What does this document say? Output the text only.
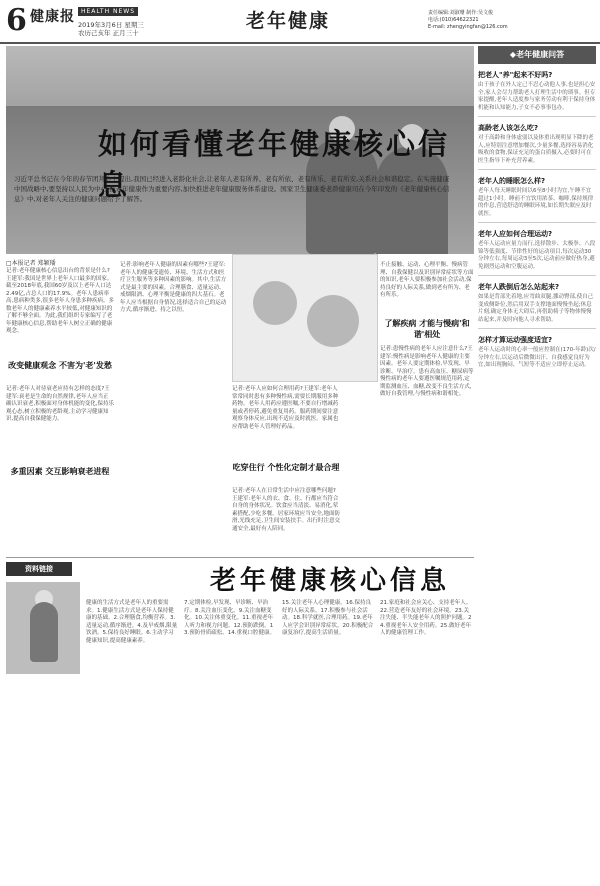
6 健康报	HEALTH NEWS
2019年3月6日 星期三
农历己亥年 正月三十
老年健康	责任编辑:刘淑珊 制作:吴文俊
电话:(010)64622321
E-mail: zhengyingfan@126.com
如何看懂老年健康核心信息
习近平总书记在今年的春节团拜会上提出,我国已经进入老龄化社会,让老年人老有所养、老有所依、老有所乐、老有所安,关系社会和谐稳定。在实施健康中国战略中,要坚持以人民为中心,把老年健康作为重要内容,加快推进老年健康服务体系建设。国家卫生健康委老龄健康司在今年印发的《老年健康核心信息》中,对老年人关注的健康问题给予了解答。
□本报记者 郑颖璠
记者:老年健康核心信息出台的背景是什么?王建军:我国是世界上老年人口最多的国家。截至2018年底,我国60岁及以上老年人口达2.49亿,占总人口的17.9%。老年人患病率高,患病种类多,很多老年人身患多种疾病。多数老年人的健康素养水平较低,对健康知识的了解不够全面。为此,我们组织专家编写了老年健康核心信息,帮助老年人树立正确的健康观念。
改变健康观念 不害为'老'发愁
记者:老年人对待衰老应持有怎样的态度?王建军:衰老是生命的自然规律,老年人应当正确认识衰老,积极面对身体机能的变化,保持乐观心态,树立积极的老龄观,主动学习健康知识,提高自我保健能力。
多重因素 交互影响衰老进程
记者:影响老年人健康的因素有哪些?王建军:老年人的健康受遗传、环境、生活方式和医疗卫生服务等多种因素的影响。其中,生活方式是最主要的因素。合理膳食、适量运动、戒烟限酒、心理平衡是健康的四大基石。老年人应当根据自身情况,选择适合自己的运动方式,循序渐进、持之以恒。
记者:老年人应如何合理用药?王建军:老年人常常同时患有多种慢性病,需要长期服用多种药物。老年人用药应遵医嘱,不要自行增减药量或者停药,避免重复用药。服药期间要注意观察身体反应,出现不适应及时就医。家属也应帮助老年人管理好药品。
吃穿住行 个性化定制才最合理
记者:老年人在日常生活中应注意哪些问题?王建军:老年人的衣、食、住、行都应当符合自身的身体状况。饮食应当清淡、易消化,荤素搭配,少吃多餐。居家环境应当安全,地面防滑,光线充足,卫生间安装扶手。出行时注意交通安全,最好有人陪同。
不止接触、运动、心理平衡、慢病管理、自我保健以及识别异常症状等方面的知识,老年人要积极参加社会活动,保持良好的人际关系,做到老有所为、老有所乐。
了解疾病 才能与慢病'和谐'相处
记者:患慢性病的老年人应注意什么?王建军:慢性病是影响老年人健康的主要因素。老年人要定期体检,早发现、早诊断、早治疗。患有高血压、糖尿病等慢性病的老年人要遵医嘱规范用药,定期监测血压、血糖,改变不良生活方式,做好自我管理,与慢性病和谐相处。
资料链接	老年健康核心信息
健康的生活方式是老年人的重要需求。1.健康生活方式是老年人保持健康的基础。2.合理膳食,均衡营养。3.适量运动,循序渐进。4.及早戒烟,限量饮酒。5.保持良好睡眠。6.主动学习健康知识,提高健康素养。
7.定期体检,早发现、早诊断、早治疗。8.关注血压变化。9.关注血糖变化。10.关注体重变化。11.重视老年人听力和视力问题。12.预防跌倒。13.预防骨质疏松。14.重视口腔健康。
15.关注老年人心理健康。16.保持良好的人际关系。17.积极参与社会活动。18.科学就医,合理用药。19.老年人应学会识别异常症状。20.积极配合康复治疗,提高生活质量。
21.家庭和社会应关心、支持老年人。22.营造老年友好的社会环境。23.关注失能、半失能老年人的照护问题。24.重视老年人安全用药。25.做好老年人的健康管理工作。
◆老年健康问答
把老人"养"起来不好吗?
由于孩子在外人定己不忍心动他人事,也是担心安全,家人会尽力帮助老人打理生活中的琐事。但专家提醒,老年人适度参与家务劳动有利于保持身体机能和认知能力,子女不必事事包办。
高龄老人该怎么吃?
对于高龄和身体虚弱以及体重出现明显下降的老人,应特别注意增加餐次,少量多餐,选择容易消化吸收的食物,保证充足的蛋白质摄入,必要时可在医生指导下补充营养素。
老年人的睡眠怎么样?
老年人每天睡眠时间以6至8小时为宜,午睡不宜超过1小时。睡前不宜饮用浓茶、咖啡,保持规律的作息,营造舒适的睡眠环境,如长期失眠应及时就医。
老年人应如何合理运动?
老年人运动应量力而行,选择散步、太极拳、八段锦等低强度、节律性好的运动项目,每次运动30分钟左右,每周运动3至5次,运动前应做好热身,避免剧烈运动和空腹运动。
老年人跌倒后怎么站起来?
如果是背部先着地,应弯曲双腿,挪动臀部,使自己变成侧卧位,然后用双手支撑地面慢慢坐起;休息片刻,确定身体无大碍后,再借助椅子等物体慢慢站起来,并及时向他人寻求帮助。
怎样才算运动强度适宜?
老年人运动时的心率一般应控制在(170-年龄)次/分钟左右,以运动后微微出汗、自我感觉良好为宜,如出现胸闷、气短等不适应立即停止运动。
